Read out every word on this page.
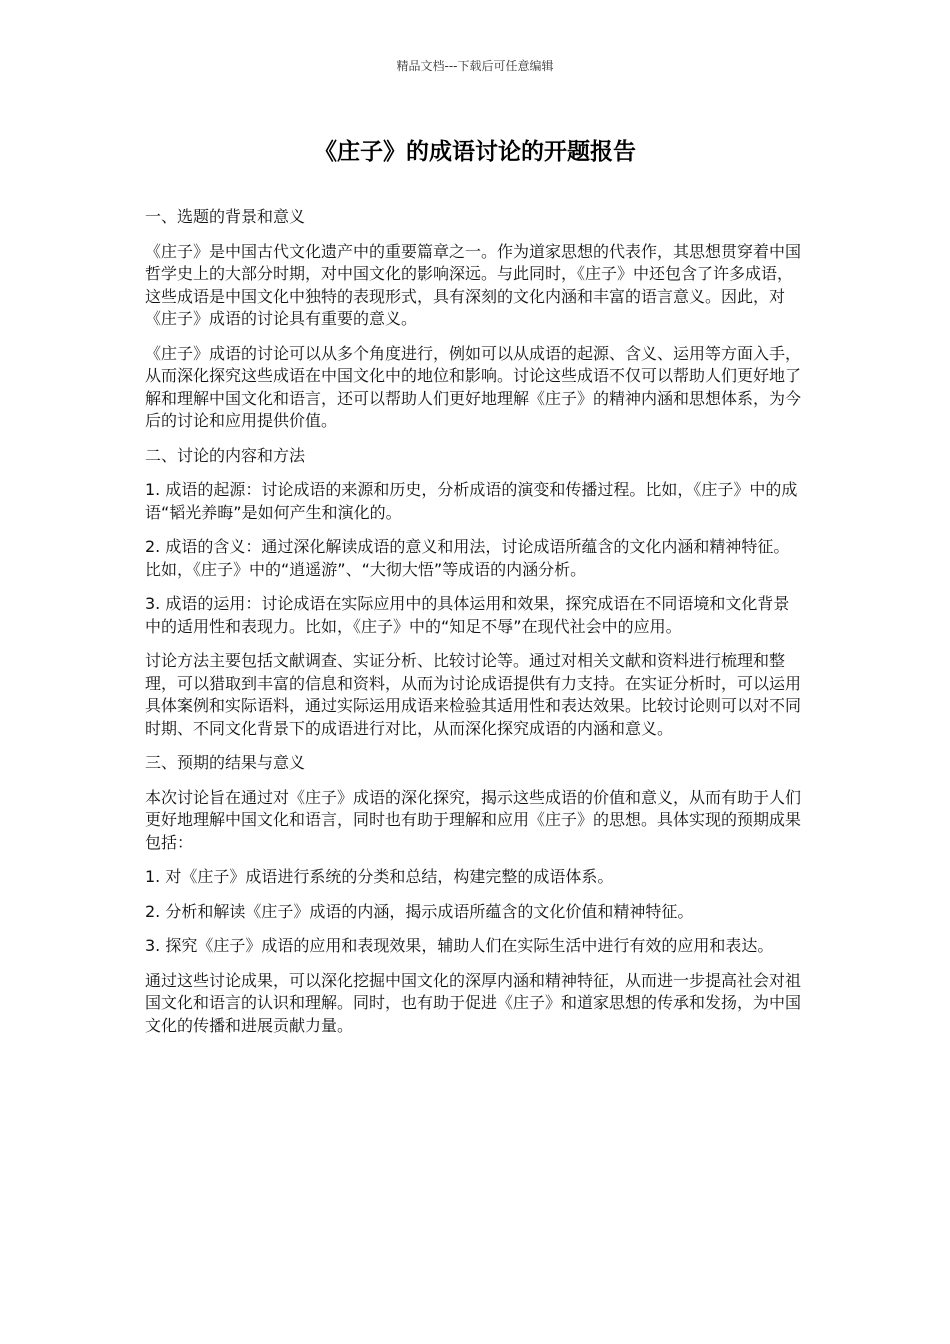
精品文档---下载后可任意编辑
《庄子》的成语讨论的开题报告

一、选题的背景和意义

《庄子》是中国古代文化遗产中的重要篇章之一。作为道家思想的代表作，其思想贯穿着中国哲学史上的大部分时期，对中国文化的影响深远。与此同时，《庄子》中还包含了许多成语，这些成语是中国文化中独特的表现形式，具有深刻的文化内涵和丰富的语言意义。因此，对《庄子》成语的讨论具有重要的意义。

《庄子》成语的讨论可以从多个角度进行，例如可以从成语的起源、含义、运用等方面入手，从而深化探究这些成语在中国文化中的地位和影响。讨论这些成语不仅可以帮助人们更好地了解和理解中国文化和语言，还可以帮助人们更好地理解《庄子》的精神内涵和思想体系，为今后的讨论和应用提供价值。

二、讨论的内容和方法

1. 成语的起源：讨论成语的来源和历史，分析成语的演变和传播过程。比如，《庄子》中的成语“韬光养晦”是如何产生和演化的。

2. 成语的含义：通过深化解读成语的意义和用法，讨论成语所蕴含的文化内涵和精神特征。比如，《庄子》中的“逍遥游”、“大彻大悟”等成语的内涵分析。

3. 成语的运用：讨论成语在实际应用中的具体运用和效果，探究成语在不同语境和文化背景中的适用性和表现力。比如，《庄子》中的“知足不辱”在现代社会中的应用。

讨论方法主要包括文献调查、实证分析、比较讨论等。通过对相关文献和资料进行梳理和整理，可以猎取到丰富的信息和资料，从而为讨论成语提供有力支持。在实证分析时，可以运用具体案例和实际语料，通过实际运用成语来检验其适用性和表达效果。比较讨论则可以对不同时期、不同文化背景下的成语进行对比，从而深化探究成语的内涵和意义。

三、预期的结果与意义

本次讨论旨在通过对《庄子》成语的深化探究，揭示这些成语的价值和意义，从而有助于人们更好地理解中国文化和语言，同时也有助于理解和应用《庄子》的思想。具体实现的预期成果包括：

1. 对《庄子》成语进行系统的分类和总结，构建完整的成语体系。

2. 分析和解读《庄子》成语的内涵，揭示成语所蕴含的文化价值和精神特征。

3. 探究《庄子》成语的应用和表现效果，辅助人们在实际生活中进行有效的应用和表达。

通过这些讨论成果，可以深化挖掘中国文化的深厚内涵和精神特征，从而进一步提高社会对祖国文化和语言的认识和理解。同时，也有助于促进《庄子》和道家思想的传承和发扬，为中国文化的传播和进展贡献力量。
